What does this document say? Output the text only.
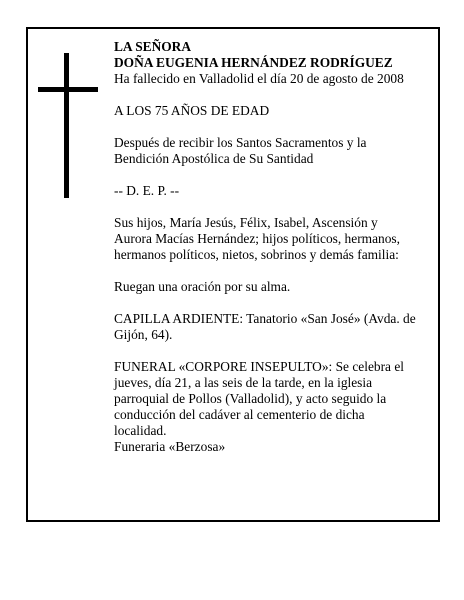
LA SEÑORA
DOÑA EUGENIA HERNÁNDEZ RODRÍGUEZ
Ha fallecido en Valladolid el día 20 de agosto de 2008

A LOS 75 AÑOS DE EDAD

Después de recibir los Santos Sacramentos y la
Bendición Apostólica de Su Santidad

-- D. E. P. --

Sus hijos, María Jesús, Félix, Isabel, Ascensión y
Aurora Macías Hernández; hijos políticos, hermanos,
hermanos políticos, nietos, sobrinos y demás familia:

Ruegan una oración por su alma.

CAPILLA ARDIENTE: Tanatorio «San José» (Avda. de
Gijón, 64).

FUNERAL «CORPORE INSEPULTO»: Se celebra el
jueves, día 21, a las seis de la tarde, en la iglesia
parroquial de Pollos (Valladolid), y acto seguido la
conducción del cadáver al cementerio de dicha
localidad.
Funeraria «Berzosa»
